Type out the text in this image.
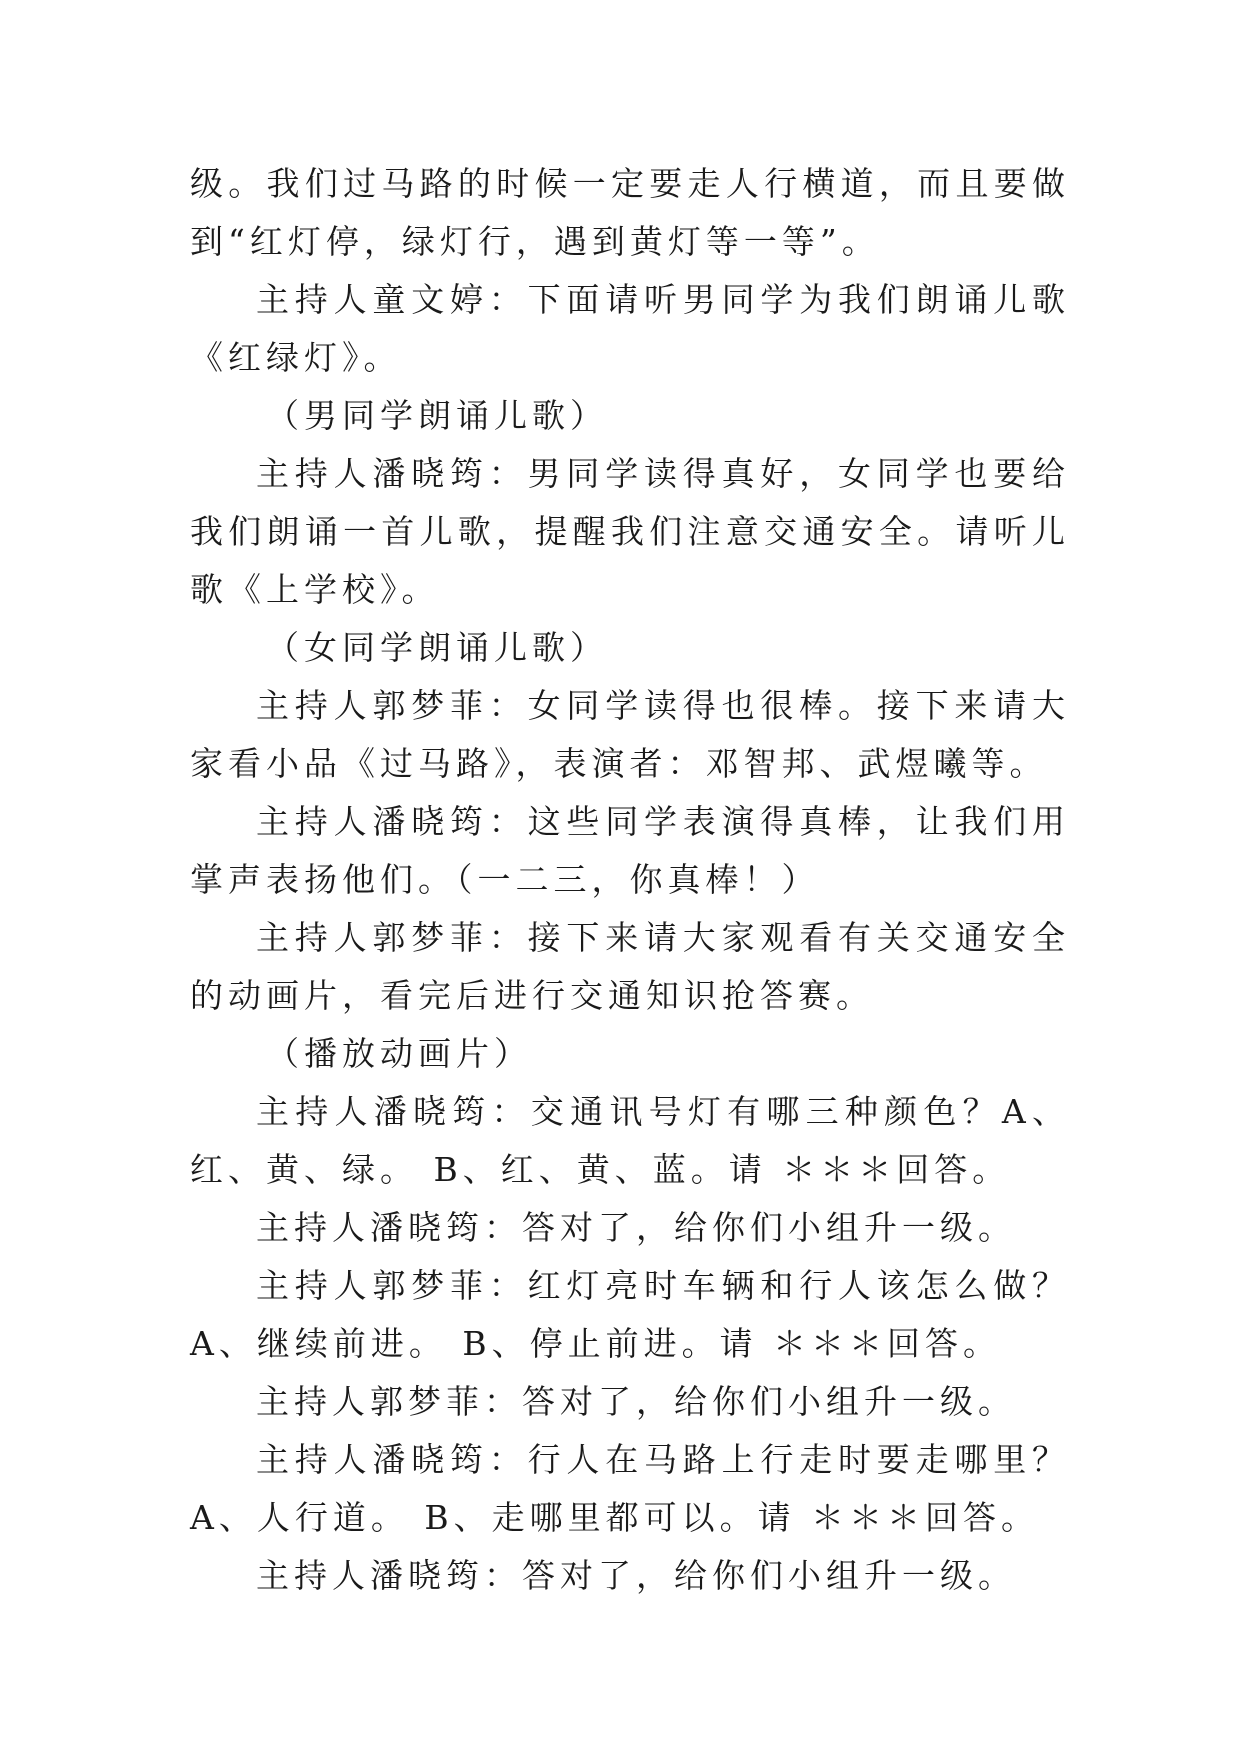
级。我们过马路的时候一定要走人行横道，而且要做到“红灯停，绿灯行，遇到黄灯等一等”。

主持人童文婷：下面请听男同学为我们朗诵儿歌《红绿灯》。

（男同学朗诵儿歌）

主持人潘晓筠：男同学读得真好，女同学也要给我们朗诵一首儿歌，提醒我们注意交通安全。请听儿歌《上学校》。

（女同学朗诵儿歌）

主持人郭梦菲：女同学读得也很棒。接下来请大家看小品《过马路》，表演者：邓智邦、武煜曦等。

主持人潘晓筠：这些同学表演得真棒，让我们用掌声表扬他们。（一二三，你真棒！）

主持人郭梦菲：接下来请大家观看有关交通安全的动画片，看完后进行交通知识抢答赛。

（播放动画片）

主持人潘晓筠：交通讯号灯有哪三种颜色？A、红、黄、绿。 B、红、黄、蓝。请 ＊＊＊回答。

主持人潘晓筠：答对了，给你们小组升一级。

主持人郭梦菲：红灯亮时车辆和行人该怎么做？A、继续前进。 B、停止前进。请 ＊＊＊回答。

主持人郭梦菲：答对了，给你们小组升一级。

主持人潘晓筠：行人在马路上行走时要走哪里？A、人行道。 B、走哪里都可以。请 ＊＊＊回答。

主持人潘晓筠：答对了，给你们小组升一级。
